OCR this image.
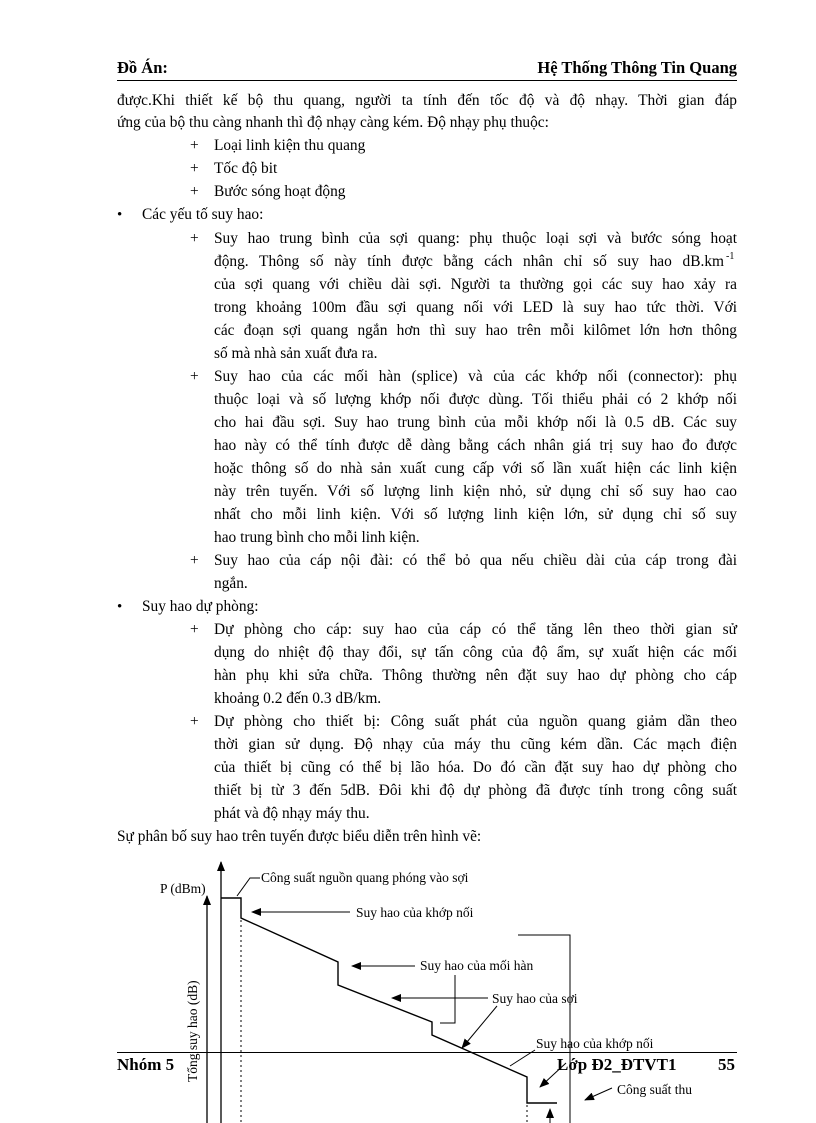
Đồ Án:	Hệ Thống Thông Tin Quang
được.Khi thiết kế bộ thu quang, người ta tính đến tốc độ và độ nhạy. Thời gian đáp
ứng của bộ thu càng nhanh thì độ nhạy càng kém. Độ nhạy phụ thuộc:
+ Loại linh kiện thu quang
+ Tốc độ bit
+ Bước sóng hoạt động
• Các yếu tố suy hao:
+ Suy hao trung bình của sợi quang: phụ thuộc loại sợi và bước sóng hoạt
động. Thông số này tính được bằng cách nhân chỉ số suy hao dB.km -1
của sợi quang với chiều dài sợi. Người ta thường gọi các suy hao xảy ra
trong khoảng 100m đầu sợi quang nối với LED là suy hao tức thời. Với
các đoạn sợi quang ngắn hơn thì suy hao trên mỗi kilômet lớn hơn thông
số mà nhà sản xuất đưa ra.
+ Suy hao của các mối hàn (splice) và của các khớp nối (connector): phụ
thuộc loại và số lượng khớp nối được dùng. Tối thiểu phải có 2 khớp nối
cho hai đầu sợi. Suy hao trung bình của mỗi khớp nối là 0.5 dB. Các suy
hao này có thể tính được dễ dàng bằng cách nhân giá trị suy hao đo được
hoặc thông số do nhà sản xuất cung cấp với số lần xuất hiện các linh kiện
này trên tuyến. Với số lượng linh kiện nhỏ, sử dụng chỉ số suy hao cao
nhất cho mỗi linh kiện. Với số lượng linh kiện lớn, sử dụng chỉ số suy
hao trung bình cho mỗi linh kiện.
+ Suy hao của cáp nội đài: có thể bỏ qua nếu chiều dài của cáp trong đài
ngắn.
• Suy hao dự phòng:
+ Dự phòng cho cáp: suy hao của cáp có thể tăng lên theo thời gian sử
dụng do nhiệt độ thay đổi, sự tấn công của độ ẩm, sự xuất hiện các mối
hàn phụ khi sửa chữa. Thông thường nên đặt suy hao dự phòng cho cáp
khoảng 0.2 đến 0.3 dB/km.
+ Dự phòng cho thiết bị: Công suất phát của nguồn quang giảm dần theo
thời gian sử dụng. Độ nhạy của máy thu cũng kém dần. Các mạch điện
của thiết bị cũng có thể bị lão hóa. Do đó cần đặt suy hao dự phòng cho
thiết bị từ 3 đến 5dB. Đôi khi độ dự phòng đã được tính trong công suất
phát và độ nhạy máy thu.
Sự phân bố suy hao trên tuyến được biểu diễn trên hình vẽ:
P (dBm)
Tổng suy hao (dB)
Công suất nguồn quang phóng vào sợi
Suy hao của khớp nối
Suy hao của mối hàn
Suy hao của sợi
Suy hao của khớp nối
Công suất thu
Nhóm 5	Lớp Đ2_ĐTVT1 55
